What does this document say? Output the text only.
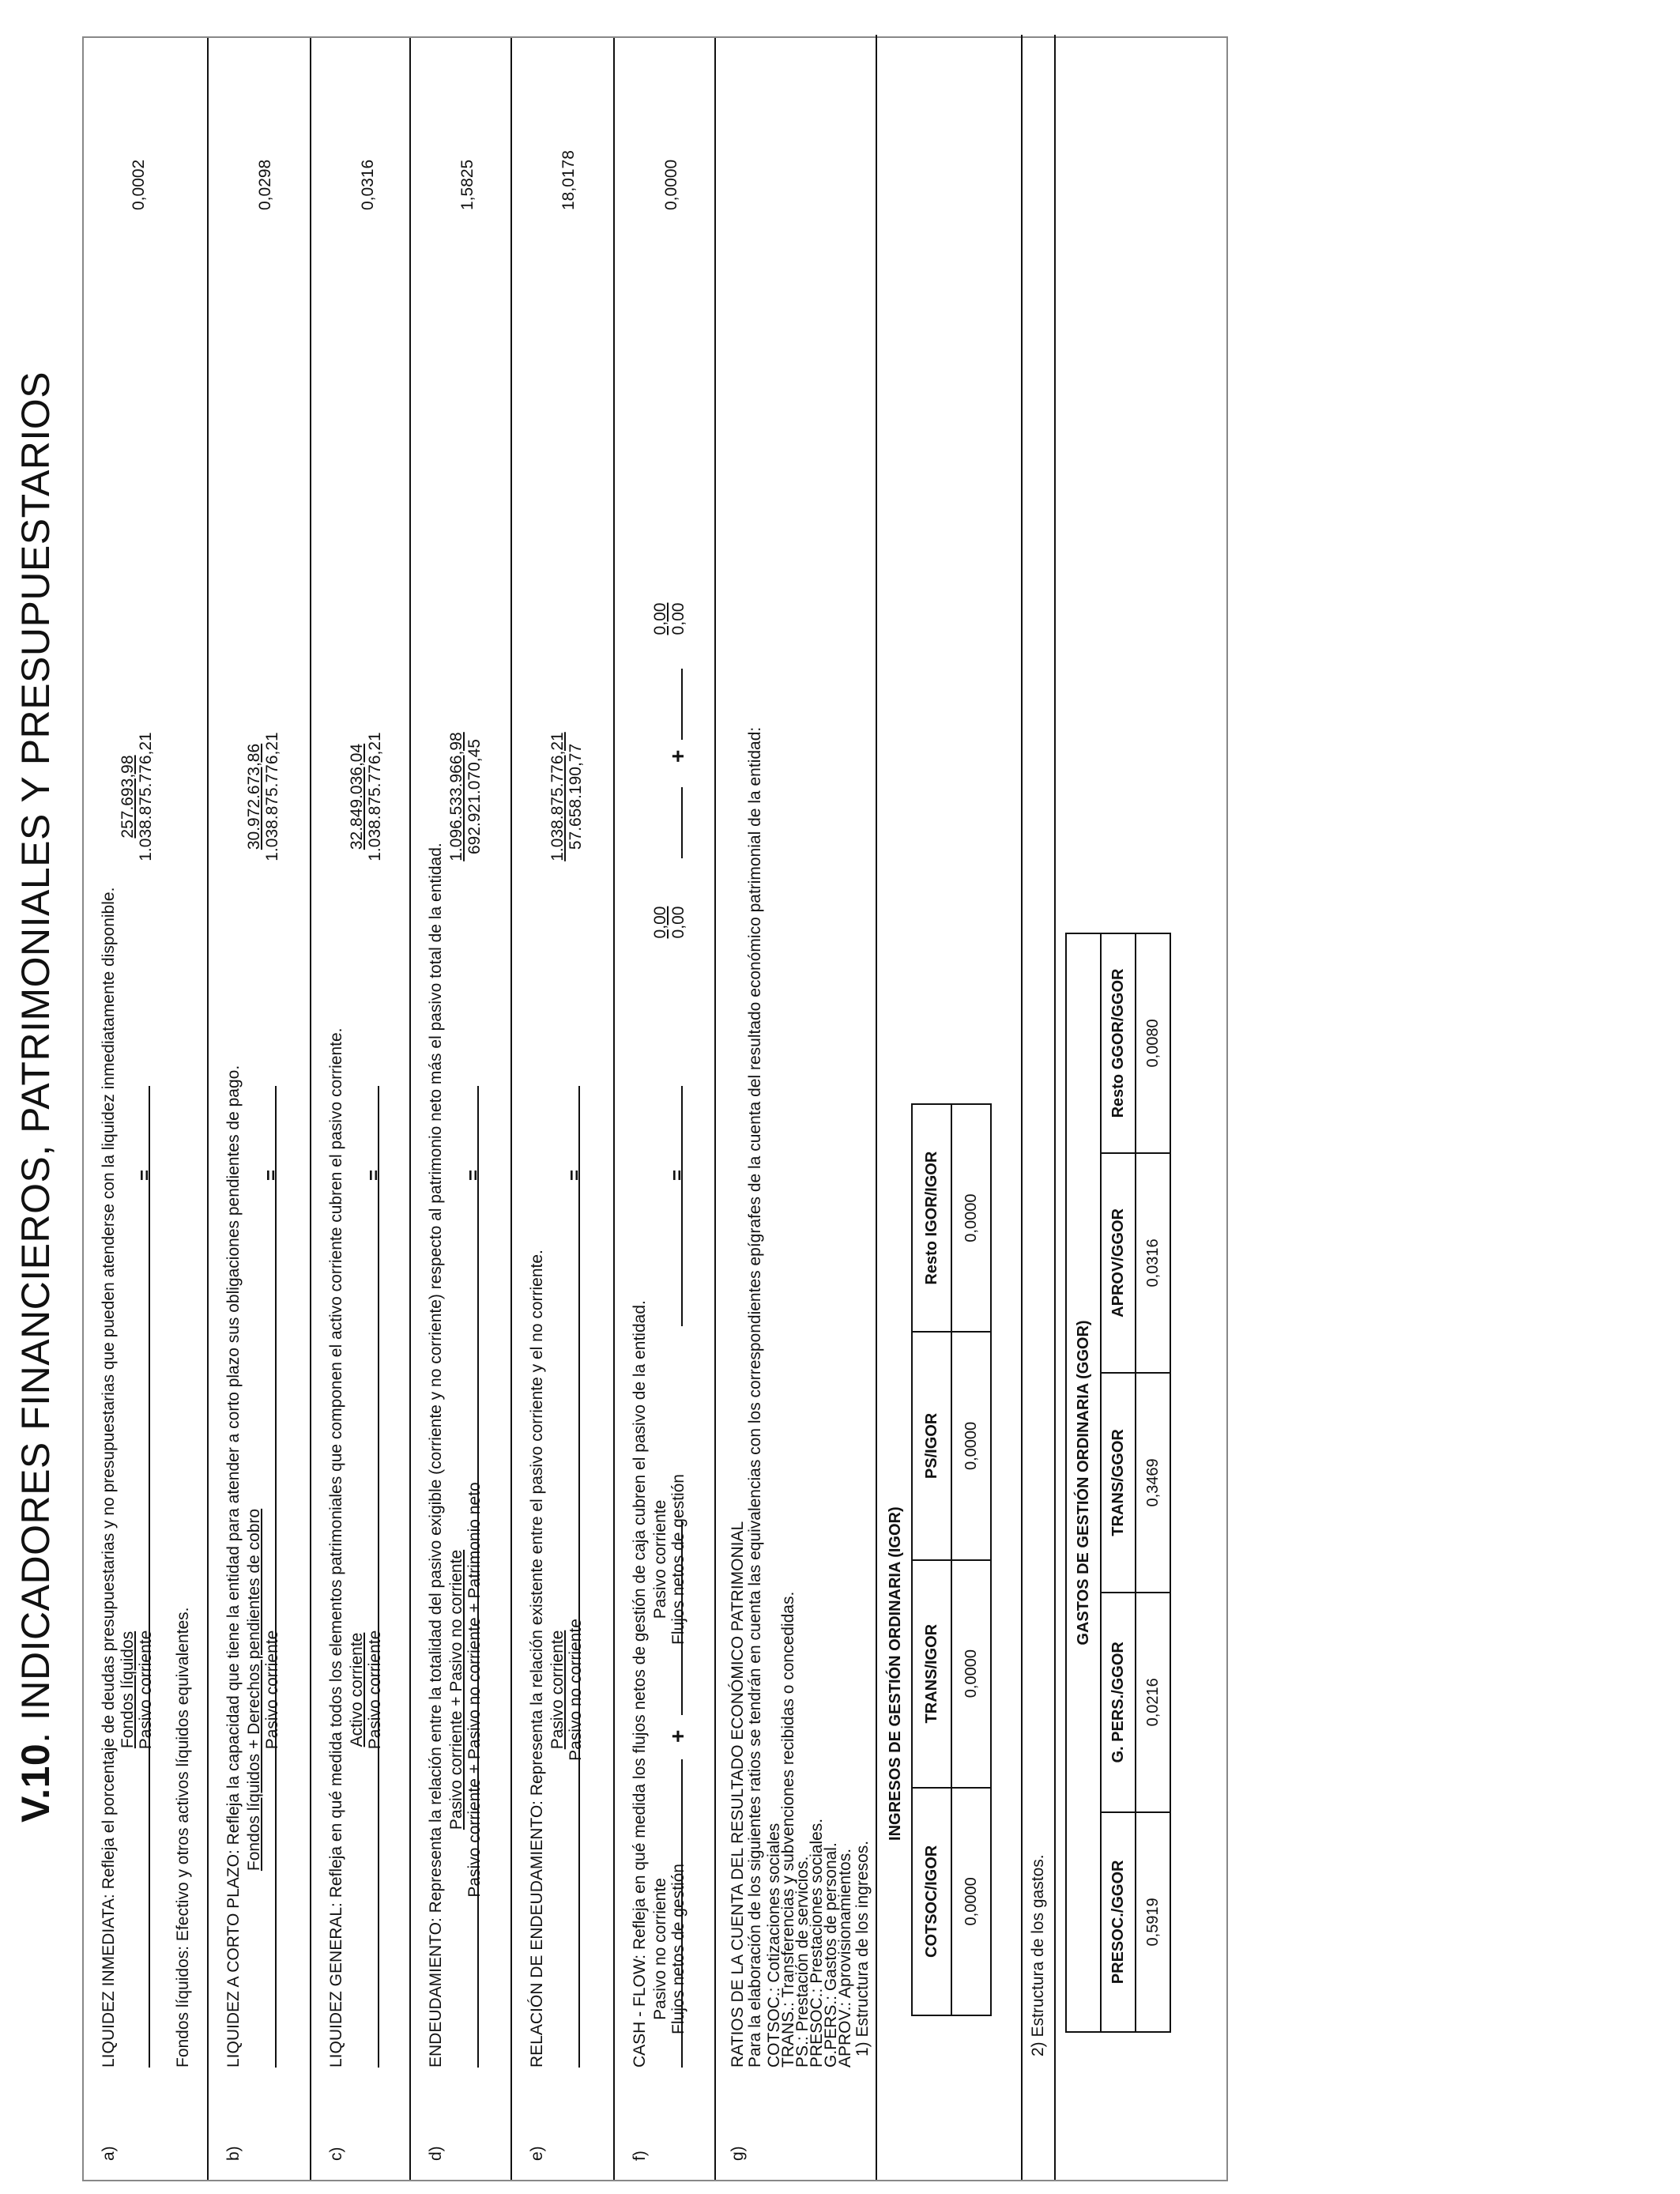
V.10. INDICADORES FINANCIEROS, PATRIMONIALES Y PRESUPUESTARIOS
a)
LIQUIDEZ INMEDIATA: Refleja el porcentaje de deudas presupuestarias y no presupuestarias que pueden atenderse con la liquidez inmediatamente disponible. Fondos líquidos Pasivo corriente
=
257.693,98 1.038.875.776,21
0,0002
Fondos líquidos: Efectivo y otros activos líquidos equivalentes.
b)
LIQUIDEZ A CORTO PLAZO: Refleja la capacidad que tiene la entidad para atender a corto plazo sus obligaciones pendientes de pago. Fondos líquidos + Derechos pendientes de cobro Pasivo corriente
=
30.972.673,86 1.038.875.776,21
0,0298
c)
LIQUIDEZ GENERAL: Refleja en qué medida todos los elementos patrimoniales que componen el activo corriente cubren el pasivo corriente. Activo corriente Pasivo corriente
=
32.849.036,04 1.038.875.776,21
0,0316
d)
ENDEUDAMIENTO: Representa la relación entre la totalidad del pasivo exigible (corriente y no corriente) respecto al patrimonio neto más el pasivo total de la entidad. Pasivo corriente + Pasivo no corriente Pasivo corriente + Pasivo no corriente + Patrimonio neto
=
1.096.533.966,98 692.921.070,45
1,5825
e)
RELACIÓN DE ENDEUDAMIENTO: Representa la relación existente entre el pasivo corriente y el no corriente. Pasivo corriente Pasivo no corriente
=
1.038.875.776,21 57.658.190,77
18,0178
f)
CASH - FLOW: Refleja en qué medida los flujos netos de gestión de caja cubren el pasivo de la entidad. Pasivo no corriente Flujos netos de gestión
+
Pasivo corriente Flujos netos de gestión
=
0,00 0,00
+
0,00 0,00
0,0000
g)
RATIOS DE LA CUENTA DEL RESULTADO ECONÓMICO PATRIMONIAL Para la elaboración de los siguientes ratios se tendrán en cuenta las equivalencias con los correspondientes epígrafes de la cuenta del resultado económico patrimonial de la entidad: COTSOC.: Cotizaciones sociales
TRANS.: Transferencias y subvenciones recibidas o concedidas.
PS.: Prestación de servicios.
PRESOC.: Prestaciones sociales.
G.PERS.: Gastos de personal.
APROV.: Aprovisionamientos. 1) Estructura de los ingresos.
	INGRESOS DE GESTIÓN ORDINARIA (IGOR)			
	COTSOC/IGOR	TRANS/IGOR	PS/IGOR	Resto IGOR/IGOR
	0,0000	0,0000	0,0000	0,0000
2) Estructura de los gastos.
GASTOS DE GESTIÓN ORDINARIA (GGOR)				
PRESOC./GGOR	G. PERS./GGOR	TRANS/GGOR	APROV/GGOR	Resto GGOR/GGOR
0,5919	0,0216	0,3469	0,0316	0,0080
